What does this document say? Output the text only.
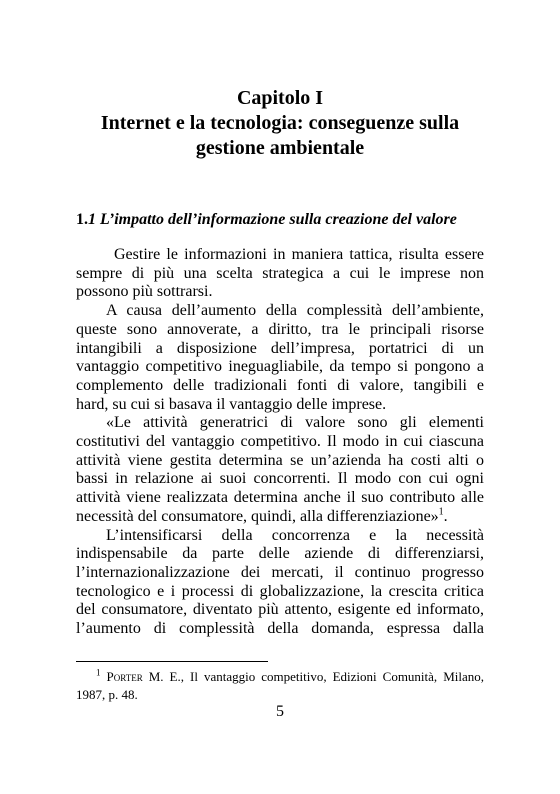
Capitolo I
Internet e la tecnologia: conseguenze sulla
gestione ambientale
1.1 L’impatto dell’informazione sulla creazione del valore
Gestire le informazioni in maniera tattica, risulta essere
sempre di più una scelta strategica a cui le imprese non
possono più sottrarsi.
A causa dell’aumento della complessità dell’ambiente,
queste sono annoverate, a diritto, tra le principali risorse
intangibili a disposizione dell’impresa, portatrici di un
vantaggio competitivo ineguagliabile, da tempo si pongono a
complemento delle tradizionali fonti di valore, tangibili e
hard, su cui si basava il vantaggio delle imprese.
«Le attività generatrici di valore sono gli elementi
costitutivi del vantaggio competitivo. Il modo in cui ciascuna
attività viene gestita determina se un’azienda ha costi alti o
bassi in relazione ai suoi concorrenti. Il modo con cui ogni
attività viene realizzata determina anche il suo contributo alle
necessità del consumatore, quindi, alla differenziazione»$^1$.
L’intensificarsi della concorrenza e la necessità
indispensabile da parte delle aziende di differenziarsi,
l’internazionalizzazione dei mercati, il continuo progresso
tecnologico e i processi di globalizzazione, la crescita critica
del consumatore, diventato più attento, esigente ed informato,
l’aumento di complessità della domanda, espressa dalla
$^1$ Porter M. E., Il vantaggio competitivo, Edizioni Comunità, Milano,
1987, p. 48.
5
